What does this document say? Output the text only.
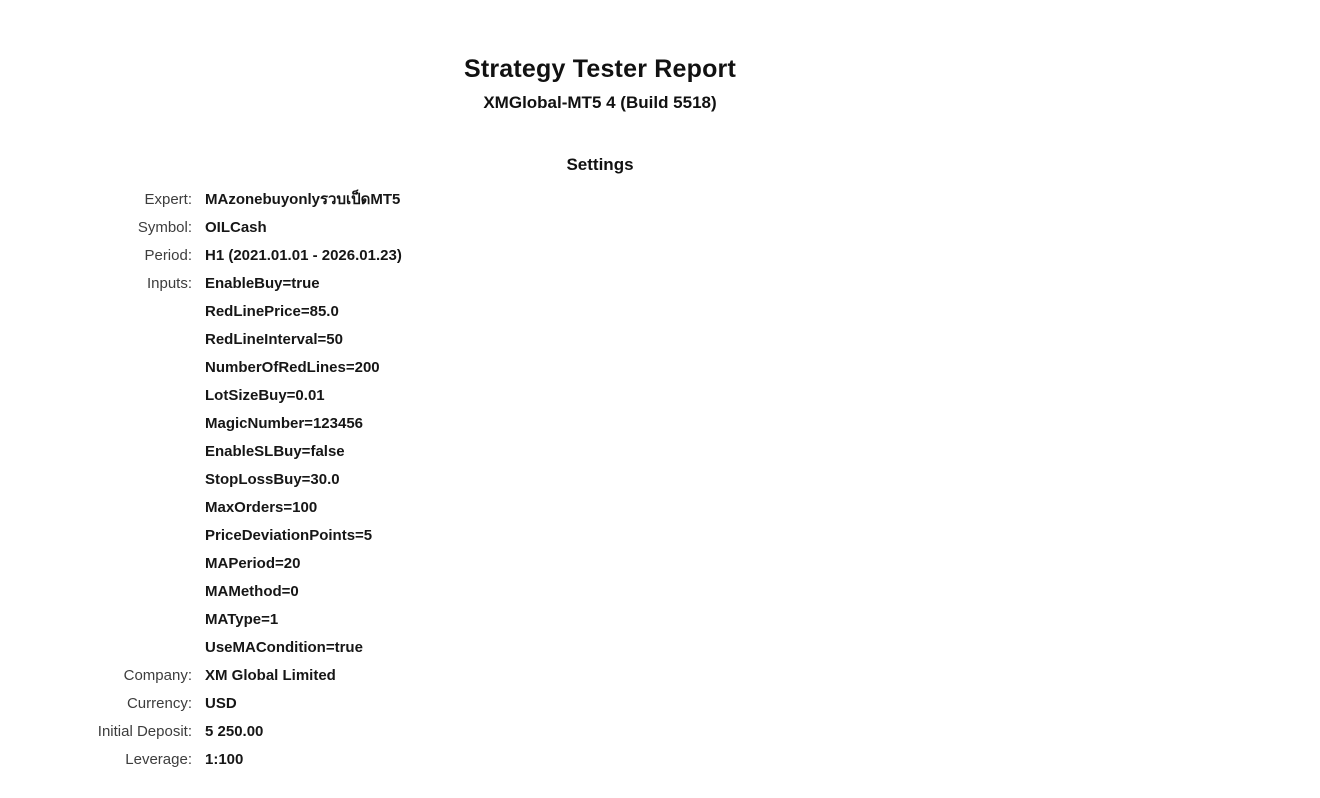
Strategy Tester Report
XMGlobal-MT5 4 (Build 5518)
Settings
Expert: MAzonebuyonlyรวบเป็ดMT5
Symbol: OILCash
Period: H1 (2021.01.01 - 2026.01.23)
Inputs: EnableBuy=true
RedLinePrice=85.0
RedLineInterval=50
NumberOfRedLines=200
LotSizeBuy=0.01
MagicNumber=123456
EnableSLBuy=false
StopLossBuy=30.0
MaxOrders=100
PriceDeviationPoints=5
MAPeriod=20
MAMethod=0
MAType=1
UseMACondition=true
Company: XM Global Limited
Currency: USD
Initial Deposit: 5 250.00
Leverage: 1:100
